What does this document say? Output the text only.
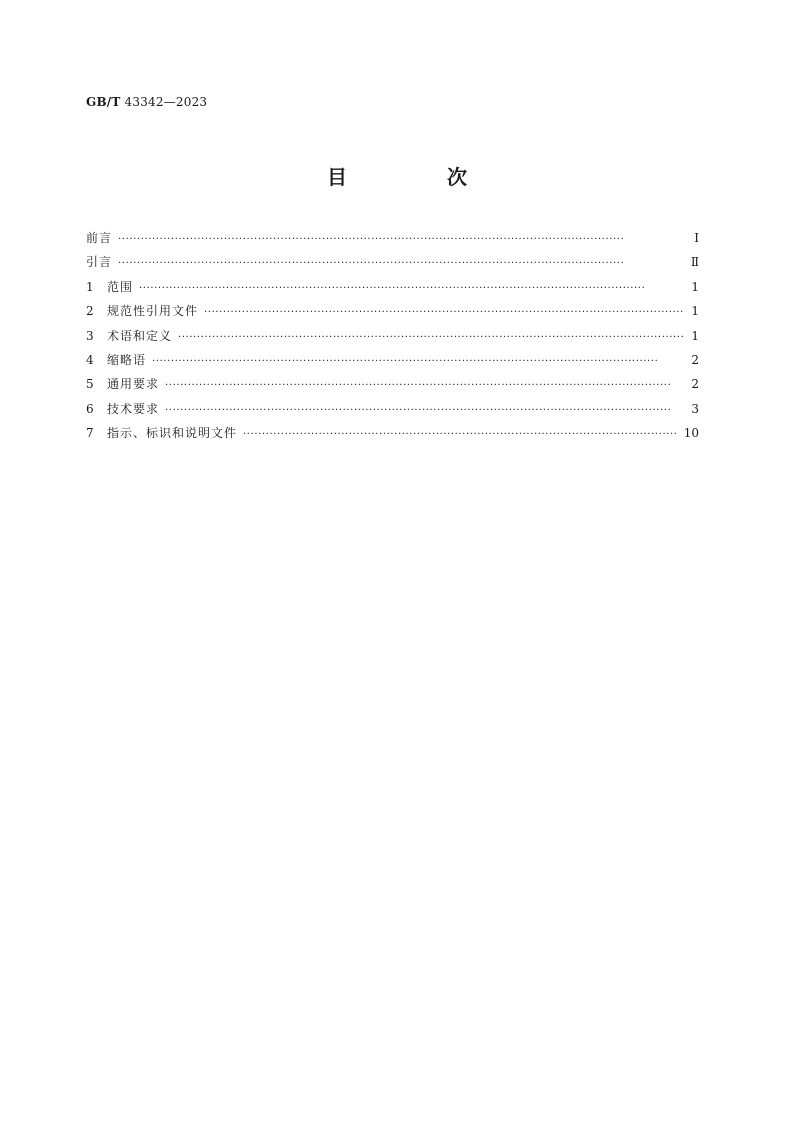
GB/T 43342—2023
目　次
前言 ·····	Ⅰ
引言 ·····	Ⅱ
1	范围 ·····	1
2	规范性引用文件 ·····	1
3	术语和定义 ·····	1
4	缩略语 ·····	2
5	通用要求 ·····	2
6	技术要求 ·····	3
7	指示、标识和说明文件 ·····	10
